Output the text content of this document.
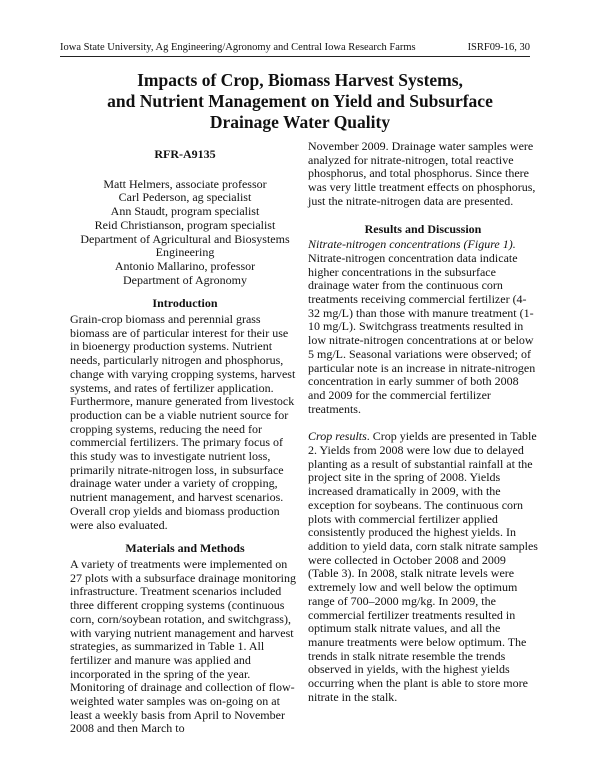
Iowa State University, Ag Engineering/Agronomy and Central Iowa Research Farms	ISRF09-16, 30
Impacts of Crop, Biomass Harvest Systems,
and Nutrient Management on Yield and Subsurface
Drainage Water Quality

RFR-A9135

Matt Helmers, associate professor
Carl Pederson, ag specialist
Ann Staudt, program specialist
Reid Christianson, program specialist
Department of Agricultural and Biosystems
Engineering
Antonio Mallarino, professor
Department of Agronomy

Introduction

Grain-crop biomass and perennial grass biomass are of particular interest for their use in bioenergy production systems. Nutrient needs, particularly nitrogen and phosphorus, change with varying cropping systems, harvest systems, and rates of fertilizer application. Furthermore, manure generated from livestock production can be a viable nutrient source for cropping systems, reducing the need for commercial fertilizers. The primary focus of this study was to investigate nutrient loss, primarily nitrate-nitrogen loss, in subsurface drainage water under a variety of cropping, nutrient management, and harvest scenarios. Overall crop yields and biomass production were also evaluated.

Materials and Methods

A variety of treatments were implemented on 27 plots with a subsurface drainage monitoring infrastructure. Treatment scenarios included three different cropping systems (continuous corn, corn/soybean rotation, and switchgrass), with varying nutrient management and harvest strategies, as summarized in Table 1. All fertilizer and manure was applied and incorporated in the spring of the year. Monitoring of drainage and collection of flow-weighted water samples was on-going on at least a weekly basis from April to November 2008 and then March to

November 2009. Drainage water samples were analyzed for nitrate-nitrogen, total reactive phosphorus, and total phosphorus. Since there was very little treatment effects on phosphorus, just the nitrate-nitrogen data are presented.

Results and Discussion

Nitrate-nitrogen concentrations (Figure 1).

Nitrate-nitrogen concentration data indicate higher concentrations in the subsurface drainage water from the continuous corn treatments receiving commercial fertilizer (4-32 mg/L) than those with manure treatment (1-10 mg/L). Switchgrass treatments resulted in low nitrate-nitrogen concentrations at or below 5 mg/L. Seasonal variations were observed; of particular note is an increase in nitrate-nitrogen concentration in early summer of both 2008 and 2009 for the commercial fertilizer treatments.

Crop results. Crop yields are presented in Table 2. Yields from 2008 were low due to delayed planting as a result of substantial rainfall at the project site in the spring of 2008. Yields increased dramatically in 2009, with the exception for soybeans. The continuous corn plots with commercial fertilizer applied consistently produced the highest yields. In addition to yield data, corn stalk nitrate samples were collected in October 2008 and 2009 (Table 3). In 2008, stalk nitrate levels were extremely low and well below the optimum range of 700–2000 mg/kg. In 2009, the commercial fertilizer treatments resulted in optimum stalk nitrate values, and all the manure treatments were below optimum. The trends in stalk nitrate resemble the trends observed in yields, with the highest yields occurring when the plant is able to store more nitrate in the stalk.
